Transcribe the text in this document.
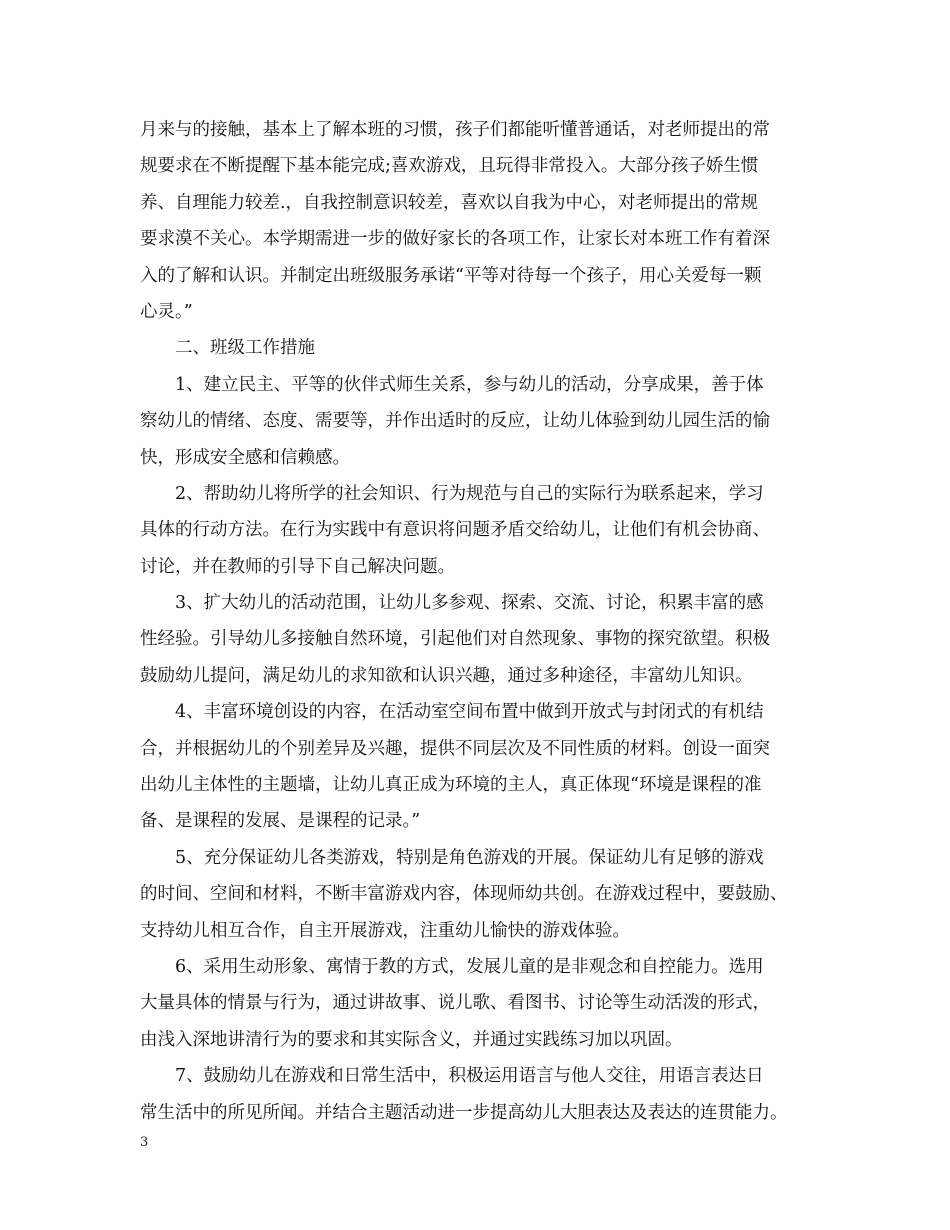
月来与的接触，基本上了解本班的习惯，孩子们都能听懂普通话，对老师提出的常
规要求在不断提醒下基本能完成;喜欢游戏，且玩得非常投入。大部分孩子娇生惯
养、自理能力较差.，自我控制意识较差，喜欢以自我为中心，对老师提出的常规
要求漠不关心。本学期需进一步的做好家长的各项工作，让家长对本班工作有着深
入的了解和认识。并制定出班级服务承诺“平等对待每一个孩子，用心关爱每一颗
心灵。”
二、班级工作措施
1、建立民主、平等的伙伴式师生关系，参与幼儿的活动，分享成果，善于体
察幼儿的情绪、态度、需要等，并作出适时的反应，让幼儿体验到幼儿园生活的愉
快，形成安全感和信赖感。
2、帮助幼儿将所学的社会知识、行为规范与自己的实际行为联系起来，学习
具体的行动方法。在行为实践中有意识将问题矛盾交给幼儿，让他们有机会协商、
讨论，并在教师的引导下自己解决问题。
3、扩大幼儿的活动范围，让幼儿多参观、探索、交流、讨论，积累丰富的感
性经验。引导幼儿多接触自然环境，引起他们对自然现象、事物的探究欲望。积极
鼓励幼儿提问，满足幼儿的求知欲和认识兴趣，通过多种途径，丰富幼儿知识。
4、丰富环境创设的内容，在活动室空间布置中做到开放式与封闭式的有机结
合，并根据幼儿的个别差异及兴趣，提供不同层次及不同性质的材料。创设一面突
出幼儿主体性的主题墙，让幼儿真正成为环境的主人，真正体现“环境是课程的准
备、是课程的发展、是课程的记录。”
5、充分保证幼儿各类游戏，特别是角色游戏的开展。保证幼儿有足够的游戏
的时间、空间和材料，不断丰富游戏内容，体现师幼共创。在游戏过程中，要鼓励、
支持幼儿相互合作，自主开展游戏，注重幼儿愉快的游戏体验。
6、采用生动形象、寓情于教的方式，发展儿童的是非观念和自控能力。选用
大量具体的情景与行为，通过讲故事、说儿歌、看图书、讨论等生动活泼的形式，
由浅入深地讲清行为的要求和其实际含义，并通过实践练习加以巩固。
7、鼓励幼儿在游戏和日常生活中，积极运用语言与他人交往，用语言表达日
常生活中的所见所闻。并结合主题活动进一步提高幼儿大胆表达及表达的连贯能力。
3
